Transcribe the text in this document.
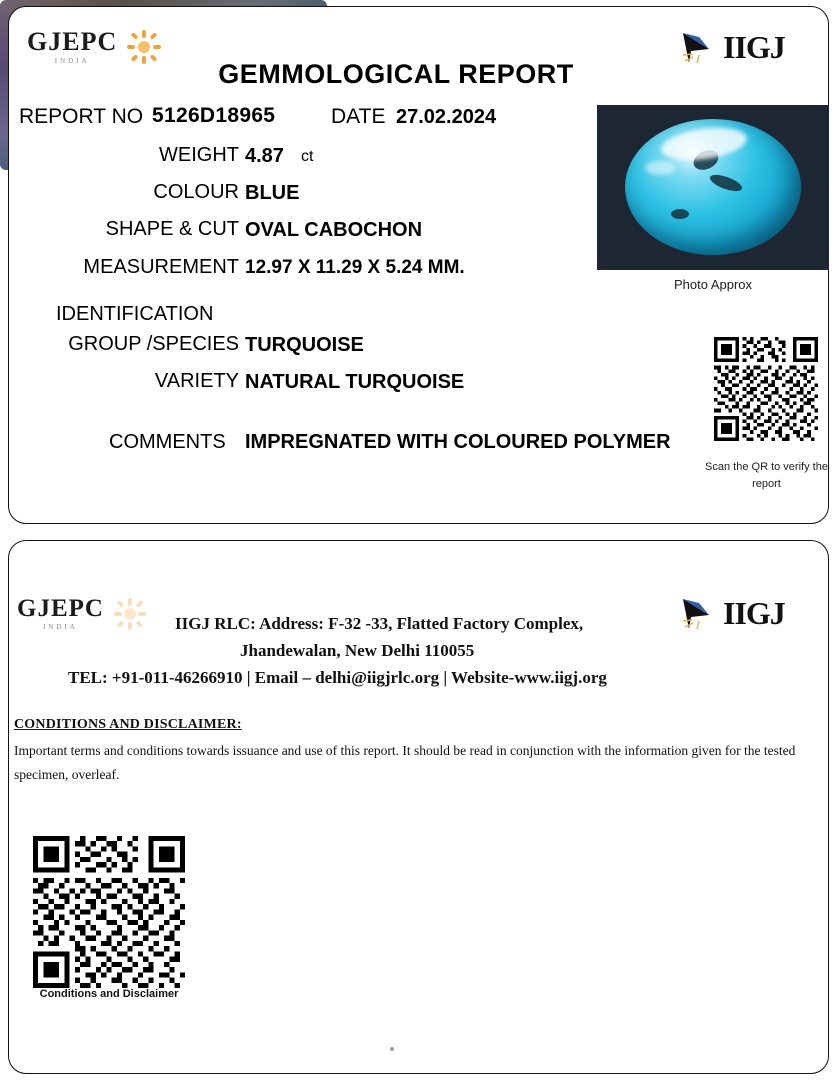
GJEPC
INDIA	IIGJ
GEMMOLOGICAL REPORT
REPORT NO 5126D18965	DATE 27.02.2024
WEIGHT 4.87 ct
COLOUR BLUE
SHAPE & CUT OVAL CABOCHON
MEASUREMENT 12.97 X 11.29 X 5.24 MM.
IDENTIFICATION
GROUP /SPECIES TURQUOISE
VARIETY NATURAL TURQUOISE
COMMENTS IMPREGNATED WITH COLOURED POLYMER
Photo Approx
Scan the QR to verify the report
GJEPC
INDIA	IIGJ
IIGJ RLC: Address: F-32 -33, Flatted Factory Complex,
Jhandewalan, New Delhi 110055
TEL: +91-011-46266910 | Email – delhi@iigjrlc.org | Website-www.iigj.org
CONDITIONS AND DISCLAIMER:
Important terms and conditions towards issuance and use of this report. It should be read in conjunction with the information given for the tested specimen, overleaf.
Conditions and Disclaimer
